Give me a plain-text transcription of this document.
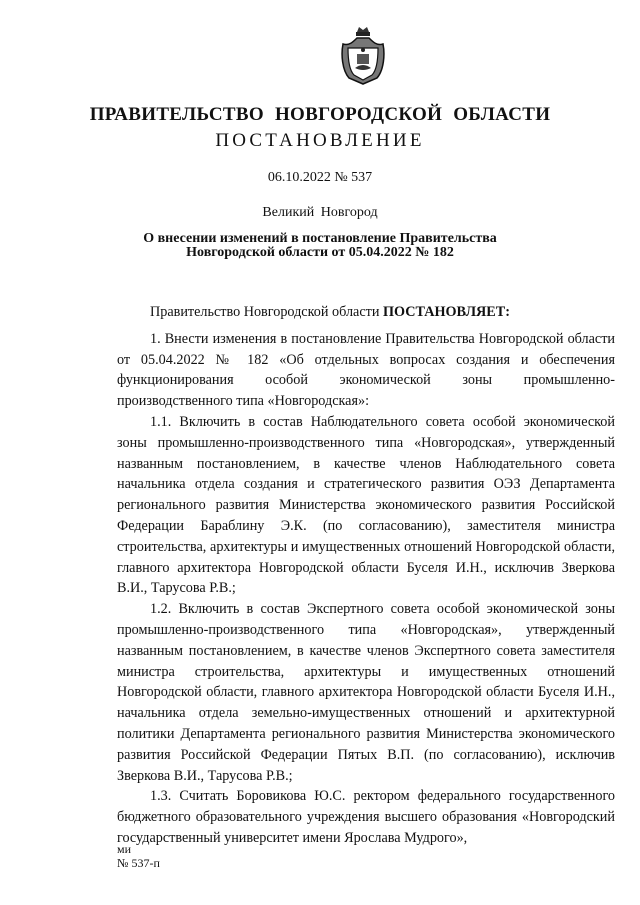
ПРАВИТЕЛЬСТВО НОВГОРОДСКОЙ ОБЛАСТИ
ПОСТАНОВЛЕНИЕ
06.10.2022 № 537
Великий Новгород
О внесении изменений в постановление Правительства
Новгородской области от 05.04.2022 № 182

Правительство Новгородской области ПОСТАНОВЛЯЕТ:

1. Внести изменения в постановление Правительства Новгородской области от 05.04.2022 № 182 «Об отдельных вопросах создания и обеспечения функционирования особой экономической зоны промышленно-производственного типа «Новгородская»:

1.1. Включить в состав Наблюдательного совета особой экономической зоны промышленно-производственного типа «Новгородская», утвержденный названным постановлением, в качестве членов Наблюдательного совета начальника отдела создания и стратегического развития ОЭЗ Департамента регионального развития Министерства экономического развития Российской Федерации Бараблину Э.К. (по согласованию), заместителя министра строительства, архитектуры и имущественных отношений Новгородской области, главного архитектора Новгородской области Буселя И.Н., исключив Зверкова В.И., Тарусова Р.В.;

1.2. Включить в состав Экспертного совета особой экономической зоны промышленно-производственного типа «Новгородская», утвержденный названным постановлением, в качестве членов Экспертного совета заместителя министра строительства, архитектуры и имущественных отношений Новгородской области, главного архитектора Новгородской области Буселя И.Н., начальника отдела земельно-имущественных отношений и архитектурной политики Департамента регионального развития Министерства экономического развития Российской Федерации Пятых В.П. (по согласованию), исключив Зверкова В.И., Тарусова Р.В.;

1.3. Считать Боровикова Ю.С. ректором федерального государственного бюджетного образовательного учреждения высшего образования «Новгородский государственный университет имени Ярослава Мудрого»,

ми
№ 537-п
